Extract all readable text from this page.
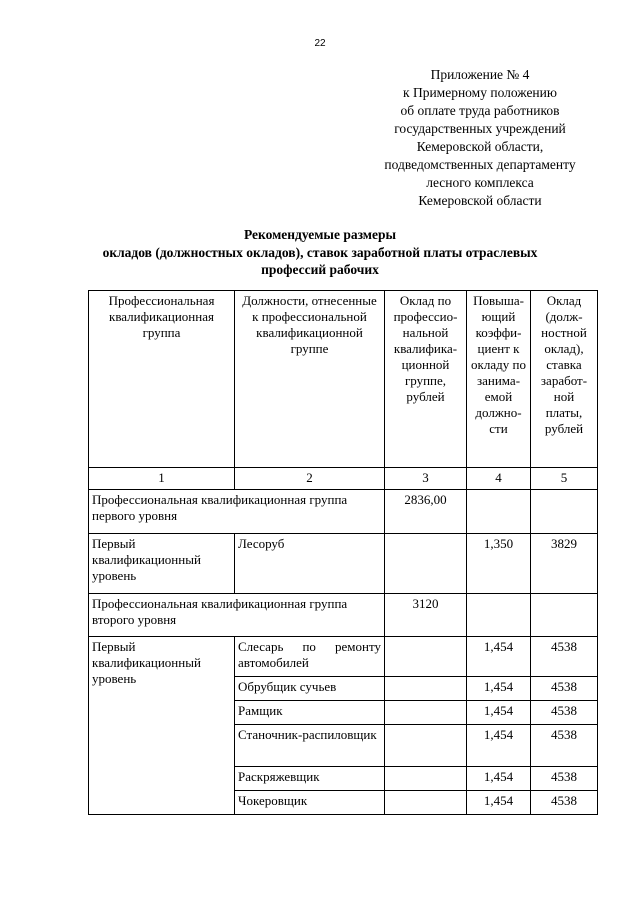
22
Приложение № 4
к Примерному положению
об оплате труда работников
государственных учреждений
Кемеровской области,
подведомственных департаменту
лесного комплекса
Кемеровской области
Рекомендуемые размеры
окладов (должностных окладов), ставок заработной платы отраслевых
профессий рабочих
Профессиональная квалификационная группа	Должности, отнесенные к профессиональной квалификационной группе	Оклад по профессио-нальной квалифика-ционной группе, рублей	Повыша-ющий коэффи-циент к окладу по занима-емой должно-сти	Оклад (долж-ностной оклад), ставка заработ-ной платы, рублей
1	2	3	4	5
Профессиональная квалификационная группа первого уровня		2836,00		
Первый квалификационный уровень	Лесоруб		1,350	3829
Профессиональная квалификационная группа второго уровня		3120		
Первый квалификационный уровень	Слесарь по ремонту автомобилей		1,454	4538
	Обрубщик сучьев		1,454	4538
	Рамщик		1,454	4538
	Станочник-распиловщик		1,454	4538
	Раскряжевщик		1,454	4538
	Чокеровщик		1,454	4538
